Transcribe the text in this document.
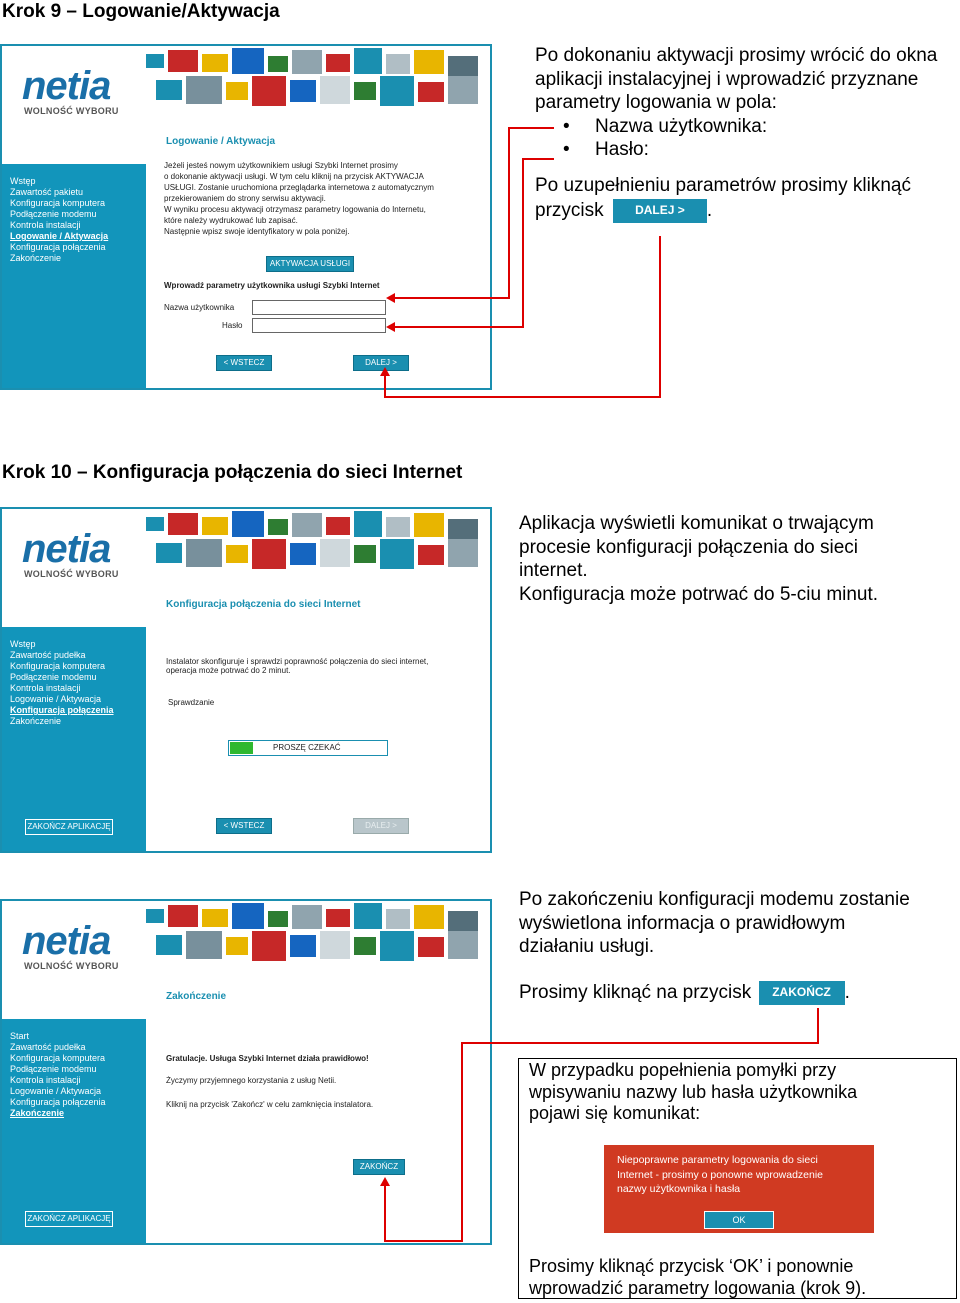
Krok 9 – Logowanie/Aktywacja
netia
WOLNOŚĆ WYBORU
Wstęp
Zawartość pakietu
Konfiguracja komputera
Podłączenie modemu
Kontrola instalacji
Logowanie / Aktywacja
Konfiguracja połączenia
Zakończenie
Logowanie / Aktywacja
Jeżeli jesteś nowym użytkownikiem usługi Szybki Internet prosimy
o dokonanie aktywacji usługi. W tym celu kliknij na przycisk AKTYWACJA
USŁUGI. Zostanie uruchomiona przeglądarka internetowa z automatycznym
przekierowaniem do strony serwisu aktywacji.
W wyniku procesu aktywacji otrzymasz parametry logowania do Internetu,
które należy wydrukować lub zapisać.
Następnie wpisz swoje identyfikatory w pola poniżej.
AKTYWACJA USŁUGI
Wprowadź parametry użytkownika usługi Szybki Internet
Nazwa użytkownika
Hasło
< WSTECZ	DALEJ >
Po dokonaniu aktywacji prosimy wrócić do okna aplikacji instalacyjnej i wprowadzić przyznane parametry logowania w pola:
• Nazwa użytkownika:
• Hasło:
Po uzupełnieniu parametrów prosimy kliknąć
przycisk	DALEJ > .
Krok 10 – Konfiguracja połączenia do sieci Internet
netia
WOLNOŚĆ WYBORU
Wstęp
Zawartość pudełka
Konfiguracja komputera
Podłączenie modemu
Kontrola instalacji
Logowanie / Aktywacja
Konfiguracja połączenia
Zakończenie
Konfiguracja połączenia do sieci Internet
Instalator skonfiguruje i sprawdzi poprawność połączenia do sieci internet,
operacja może potrwać do 2 minut.
Sprawdzanie
PROSZĘ CZEKAĆ
ZAKOŃCZ APLIKACJĘ	< WSTECZ	DALEJ >
Aplikacja wyświetli komunikat o trwającym
procesie konfiguracji połączenia do sieci
internet.
Konfiguracja może potrwać do 5-ciu minut.
netia
WOLNOŚĆ WYBORU
Start
Zawartość pudełka
Konfiguracja komputera
Podłączenie modemu
Kontrola instalacji
Logowanie / Aktywacja
Konfiguracja połączenia
Zakończenie
Zakończenie
Gratulacje. Usługa Szybki Internet działa prawidłowo!
Życzymy przyjemnego korzystania z usług Netii.
Kliknij na przycisk 'Zakończ' w celu zamknięcia instalatora.
ZAKOŃCZ
ZAKOŃCZ APLIKACJĘ
Po zakończeniu konfiguracji modemu zostanie
wyświetlona informacja o prawidłowym
działaniu usługi.
Prosimy kliknąć na przycisk ZAKOŃCZ .
W przypadku popełnienia pomyłki przy
wpisywaniu nazwy lub hasła użytkownika
pojawi się komunikat:
Niepoprawne parametry logowania do sieci
Internet - prosimy o ponowne wprowadzenie
nazwy użytkownika i hasła
OK
Prosimy kliknąć przycisk ‘OK’ i ponownie
wprowadzić parametry logowania (krok 9).
